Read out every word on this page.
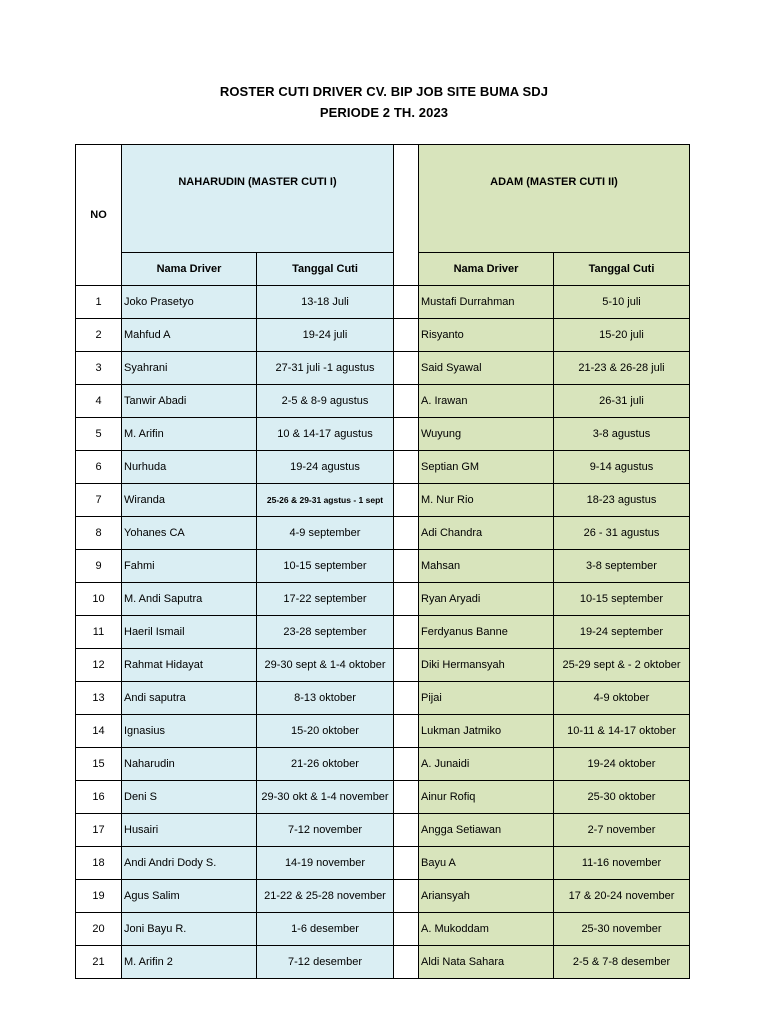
ROSTER CUTI DRIVER CV. BIP JOB SITE BUMA SDJ
PERIODE 2 TH. 2023
NO	NAHARUDIN (MASTER CUTI I)			ADAM (MASTER CUTI II)	
	Nama Driver	Tanggal Cuti		Nama Driver	Tanggal Cuti
1	Joko Prasetyo	13-18 Juli		Mustafi Durrahman	5-10 juli
2	Mahfud A	19-24 juli		Risyanto	15-20 juli
3	Syahrani	27-31 juli -1 agustus		Said Syawal	21-23 & 26-28 juli
4	Tanwir Abadi	2-5 & 8-9 agustus		A. Irawan	26-31 juli
5	M. Arifin	10 & 14-17 agustus		Wuyung	3-8 agustus
6	Nurhuda	19-24 agustus		Septian GM	9-14 agustus
7	Wiranda	25-26 & 29-31 agstus - 1 sept		M. Nur Rio	18-23 agustus
8	Yohanes CA	4-9 september		Adi Chandra	26 - 31 agustus
9	Fahmi	10-15 september		Mahsan	3-8 september
10	M. Andi Saputra	17-22 september		Ryan Aryadi	10-15 september
11	Haeril Ismail	23-28 september		Ferdyanus Banne	19-24 september
12	Rahmat Hidayat	29-30 sept & 1-4 oktober		Diki Hermansyah	25-29 sept & - 2 oktober
13	Andi saputra	8-13 oktober		Pijai	4-9 oktober
14	Ignasius	15-20 oktober		Lukman Jatmiko	10-11 & 14-17 oktober
15	Naharudin	21-26 oktober		A. Junaidi	19-24 oktober
16	Deni S	29-30 okt & 1-4 november		Ainur Rofiq	25-30 oktober
17	Husairi	7-12 november		Angga Setiawan	2-7 november
18	Andi Andri Dody S.	14-19 november		Bayu A	11-16 november
19	Agus Salim	21-22 & 25-28 november		Ariansyah	17 & 20-24 november
20	Joni Bayu R.	1-6 desember		A. Mukoddam	25-30 november
21	M. Arifin 2	7-12 desember		Aldi Nata Sahara	2-5 & 7-8 desember
